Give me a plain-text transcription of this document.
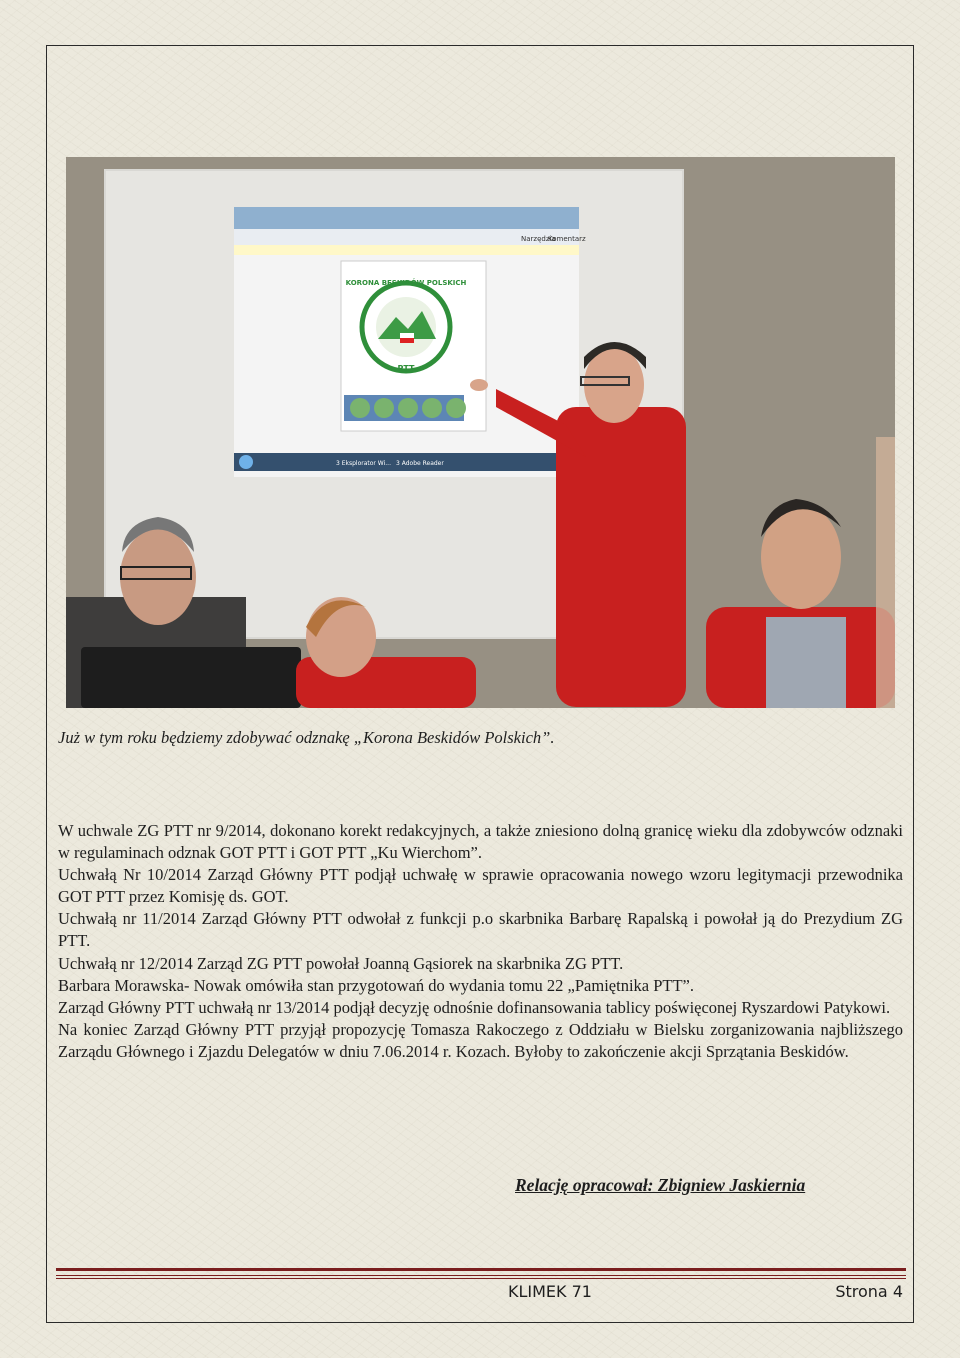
Narzędzia
Komentarz
KORONA BESKIDÓW POLSKICH
PTT
3 Eksplorator Wi... 3 Adobe Reader
Już w tym roku będziemy zdobywać odznakę „Korona Beskidów Polskich”.

W uchwale ZG PTT nr 9/2014, dokonano korekt redakcyjnych, a także zniesiono dolną granicę wieku dla zdobywców odznaki w regulaminach odznak GOT PTT i GOT PTT „Ku Wierchom”.

Uchwałą Nr 10/2014 Zarząd Główny PTT podjął uchwałę w sprawie opracowania nowego wzoru legitymacji przewodnika GOT PTT przez Komisję ds. GOT.

Uchwałą nr 11/2014 Zarząd Główny PTT odwołał z funkcji p.o skarbnika Barbarę Rapalską i powołał ją do Prezydium ZG PTT.

Uchwałą nr 12/2014 Zarząd ZG PTT powołał Joanną Gąsiorek na skarbnika ZG PTT.

Barbara Morawska- Nowak omówiła stan przygotowań do wydania tomu 22 „Pamiętnika PTT”.

Zarząd Główny PTT uchwałą nr 13/2014 podjął decyzję odnośnie dofinansowania tablicy poświęconej Ryszardowi Patykowi.

Na koniec Zarząd Główny PTT przyjął propozycję Tomasza Rakoczego z Oddziału w Bielsku zorganizowania najbliższego Zarządu Głównego i Zjazdu Delegatów w dniu 7.06.2014 r. Kozach. Byłoby to zakończenie akcji Sprzątania Beskidów.

Relację opracował: Zbigniew Jaskiernia
KLIMEK 71	Strona 4
